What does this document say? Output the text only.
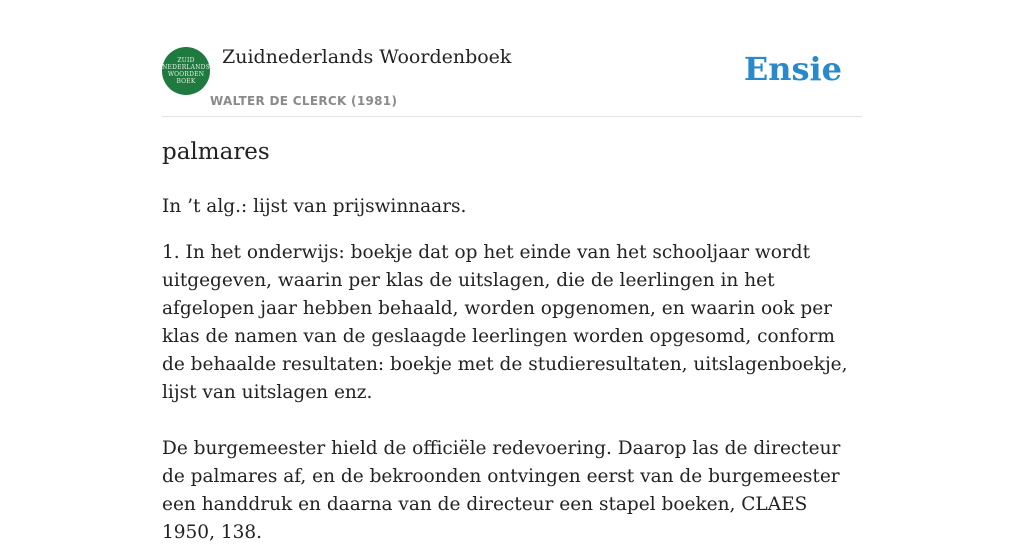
ZUID
NEDERLANDS
WOORDEN
BOEK
Zuidnederlands Woordenboek
WALTER DE CLERCK (1981)
Ensie
palmares

In ’t alg.: lijst van prijswinnaars.

1. In het onderwijs: boekje dat op het einde van het schooljaar wordt uitgegeven, waarin per klas de uitslagen, die de leerlingen in het afgelopen jaar hebben behaald, worden opgenomen, en waarin ook per klas de namen van de geslaagde leerlingen worden opgesomd, conform de behaalde resultaten: boekje met de studieresultaten, uitslagenboekje, lijst van uitslagen enz.

De burgemeester hield de officiële redevoering. Daarop las de directeur de palmares af, en de bekroonden ontvingen eerst van de burgemeester een handdruk en daarna van de directeur een stapel boeken, CLAES 1950, 138.
